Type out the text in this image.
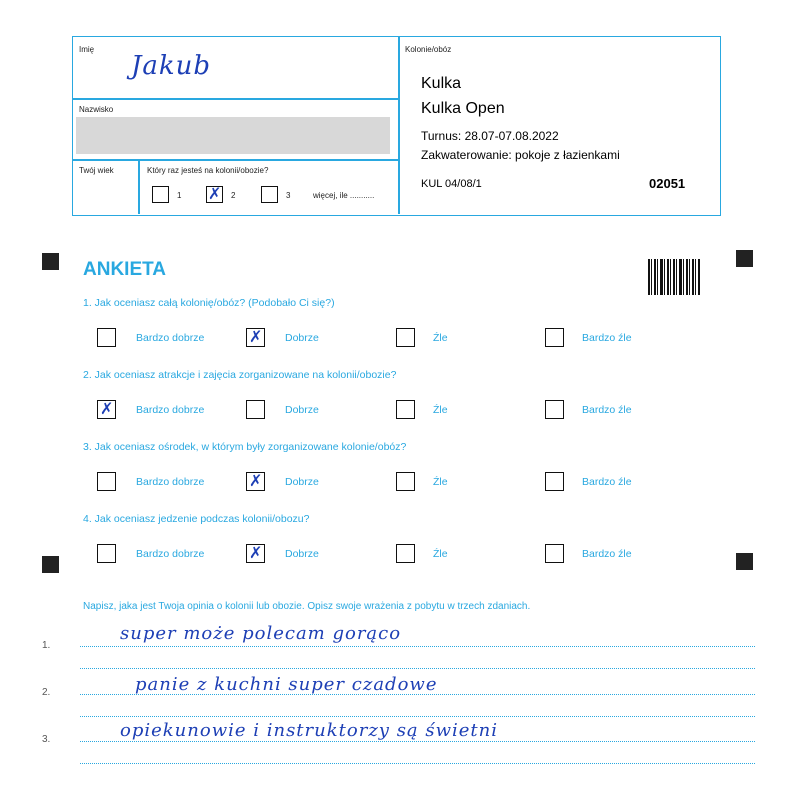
Imię
Jakub
Nazwisko
Twój wiek	Który raz jesteś na kolonii/obozie?
1 ✗ 2	3	więcej, ile ...........
Kolonie/obóz
Kulka
Kulka Open
Turnus: 28.07-07.08.2022
Zakwaterowanie: pokoje z łazienkami
KUL 04/08/1	02051
ANKIETA
1. Jak oceniasz całą kolonię/obóz? (Podobało Ci się?)
Bardzo dobrze	✗ Dobrze	Źle	Bardzo źle
2. Jak oceniasz atrakcje i zajęcia zorganizowane na kolonii/obozie?
✗ Bardzo dobrze	Dobrze	Źle	Bardzo źle
3. Jak oceniasz ośrodek, w którym były zorganizowane kolonie/obóz?
Bardzo dobrze	✗ Dobrze	Źle	Bardzo źle
4. Jak oceniasz jedzenie podczas kolonii/obozu?
Bardzo dobrze	✗ Dobrze	Źle	Bardzo źle
Napisz, jaka jest Twoja opinia o kolonii lub obozie. Opisz swoje wrażenia z pobytu w trzech zdaniach.
1.
super może polecam gorąco
2.	panie z kuchni super czadowe
3.	opiekunowie i instruktorzy są świetni
